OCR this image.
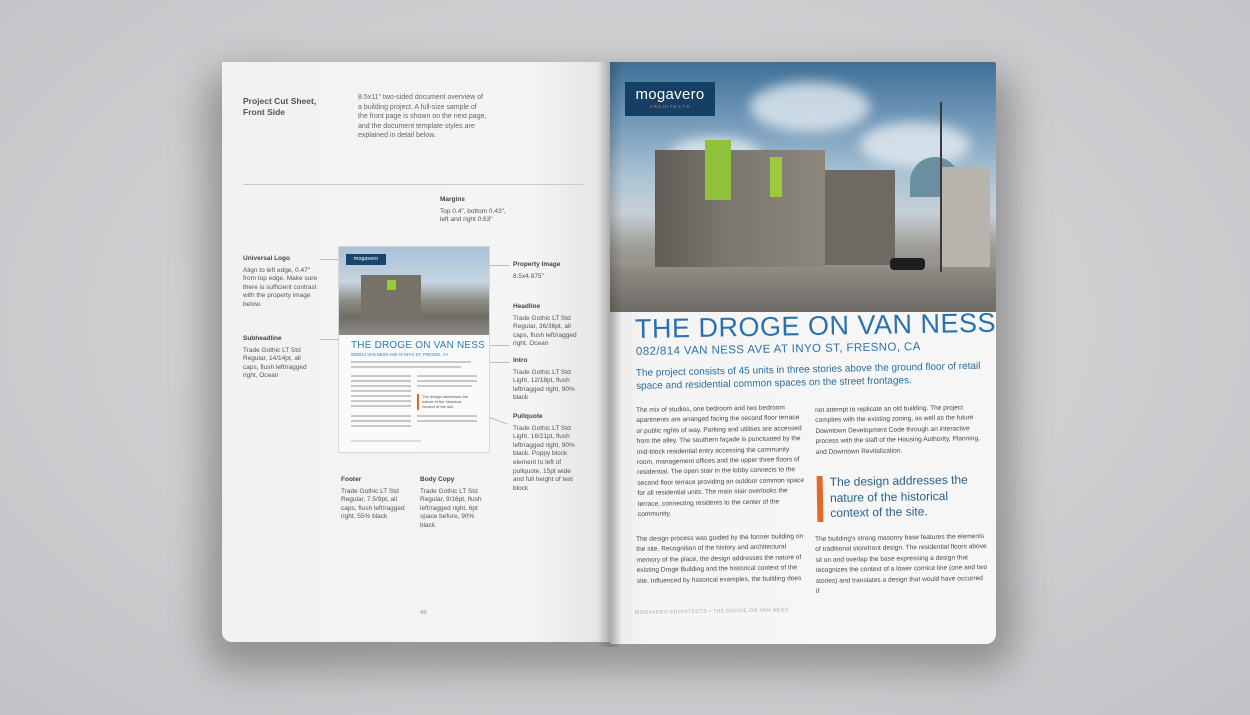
Project Cut Sheet, Front Side
8.5x11" two-sided document overview of a building project. A full-size sample of the front page is shown on the next page, and the document template styles are explained in detail below.
Margins
Top 0.4", bottom 0.43", left and right 0.63"
Universal Logo
Align to left edge, 0.47" from top edge. Make sure there is sufficient contrast with the property image below.
Property Image
8.5x4.875"
Headline
Trade Gothic LT Std Regular, 36/36pt, all caps, flush left/ragged right, Ocean
Subheadline
Trade Gothic LT Std Regular, 14/14pt, all caps, flush left/ragged right, Ocean
Intro
Trade Gothic LT Std Light, 12/18pt, flush left/ragged right, 90% black
Pullquote
Trade Gothic LT Std Light, 16/21pt, flush left/ragged right, 90% black. Poppy block element to left of pullquote, 15pt wide and full height of text block
Footer
Trade Gothic LT Std Regular, 7.5/9pt, all caps, flush left/ragged right, 55% black
Body Copy
Trade Gothic LT Std Regular, 9/16pt, flush left/ragged right, 6pt space before, 90% black
mogavero
THE DROGE ON VAN NESS
082/814 VAN NESS AVE AT INYO ST, FRESNO, CA
The design addresses the nature of the historical context of the site.
46
mogavero
ARCHITECTS
THE DROGE ON VAN NESS
082/814 VAN NESS AVE AT INYO ST, FRESNO, CA
The project consists of 45 units in three stories above the ground floor of retail space and residential common spaces on the street frontages.
The mix of studios, one bedroom and two bedroom apartments are arranged facing the second floor terrace or public rights of way. Parking and utilities are accessed from the alley. The southern façade is punctuated by the mid-block residential entry accessing the community room, management offices and the upper three floors of residential. The open stair in the lobby connects to the second floor terrace providing an outdoor common space for all residential units. The main stair overlooks the terrace, connecting residents to the center of the community.
The design process was guided by the former building on the site. Recognition of the history and architectural memory of the place, the design addresses the nature of existing Droge Building and the historical context of the site. Influenced by historical examples, the building does
not attempt to replicate an old building. The project complies with the existing zoning, as well as the future Downtown Development Code through an interactive process with the staff of the Housing Authority, Planning, and Downtown Revitalization.
The design addresses the nature of the historical context of the site.
The building's strong masonry base features the elements of traditional storefront design. The residential floors above sit on and overlap the base expressing a design that recognizes the context of a lower cornice line (one and two stories) and translates a design that would have occurred if
MOGAVERO ARCHITECTS • THE DROGE ON VAN NESS
